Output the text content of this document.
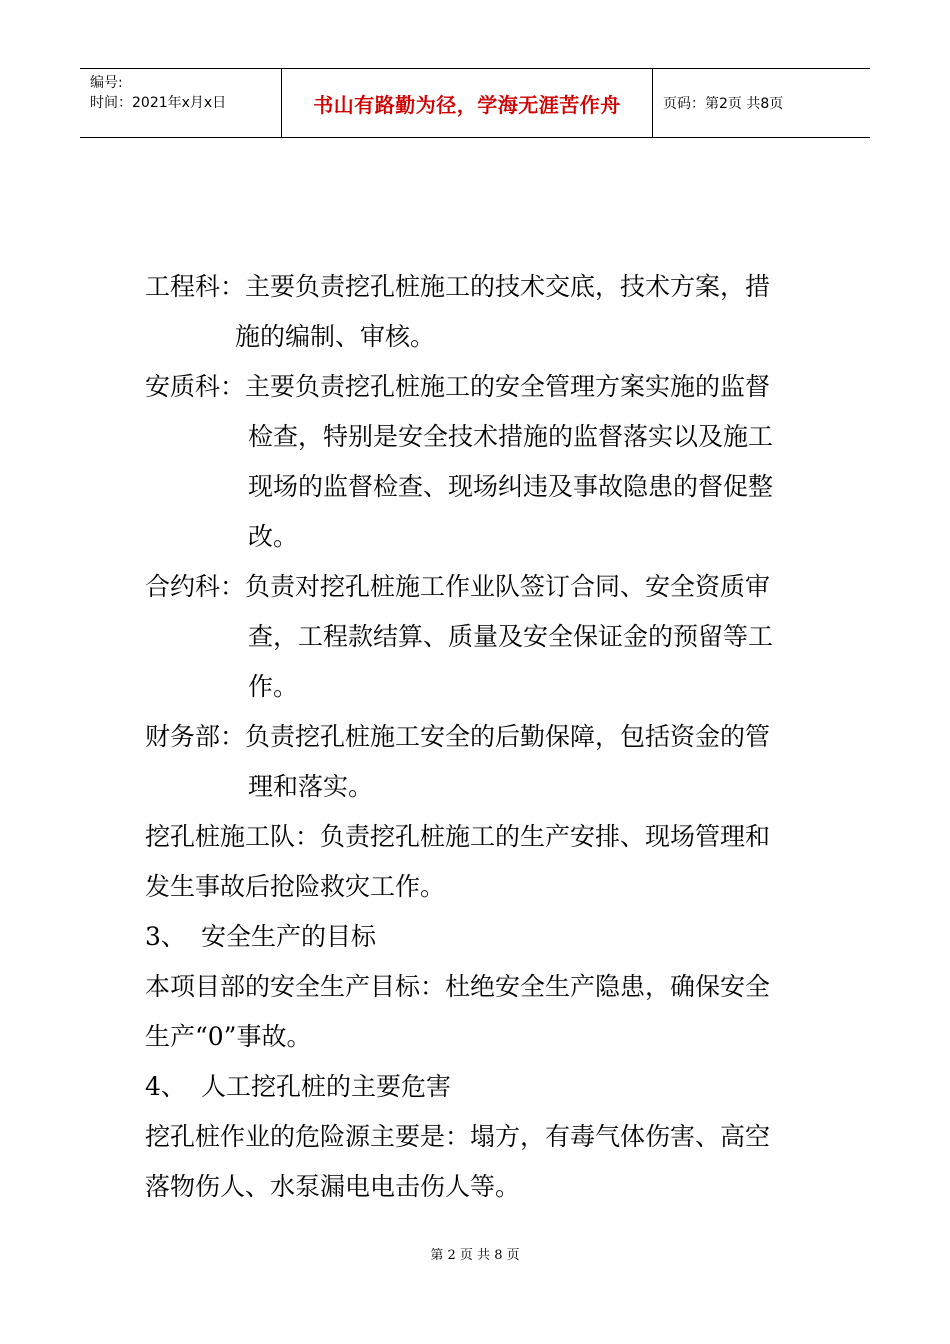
编号:
时间：2021年x月x日	书山有路勤为径，学海无涯苦作舟	页码：第2页 共8页
工程科： 主要负责挖孔桩施工的技术交底，技术方案，措
施的编制、审核。
安质科： 主要负责挖孔桩施工的安全管理方案实施的监督
检查，特别是安全技术措施的监督落实以及施工
现场的监督检查、现场纠违及事故隐患的督促整
改。
合约科： 负责对挖孔桩施工作业队签订合同、安全资质审
查，工程款结算、质量及安全保证金的预留等工
作。
财务部： 负责挖孔桩施工安全的后勤保障，包括资金的管
理和落实。

挖孔桩施工队：负责挖孔桩施工的生产安排、现场管理和

发生事故后抢险救灾工作。

3、 安全生产的目标

本项目部的安全生产目标：杜绝安全生产隐患，确保安全

生产“0”事故。

4、 人工挖孔桩的主要危害

挖孔桩作业的危险源主要是：塌方，有毒气体伤害、高空

落物伤人、水泵漏电电击伤人等。

第 2 页 共 8 页
